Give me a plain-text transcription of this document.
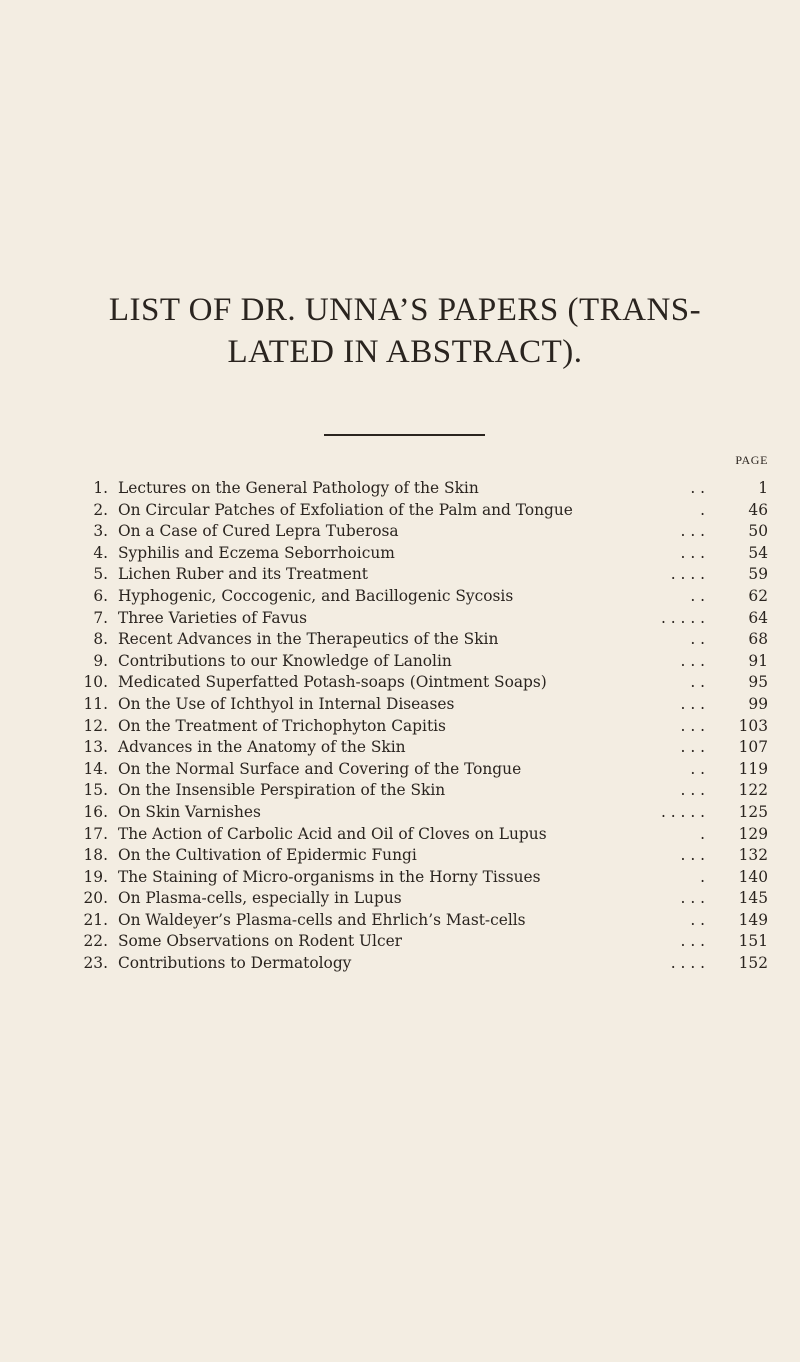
LIST OF DR. UNNA’S PAPERS (TRANS-
LATED IN ABSTRACT).
PAGE
1. Lectures on the General Pathology of the Skin	. .	1
2. On Circular Patches of Exfoliation of the Palm and Tongue	.	46
3. On a Case of Cured Lepra Tuberosa	. . .	50
4. Syphilis and Eczema Seborrhoicum	. . .	54
5. Lichen Ruber and its Treatment	. . . .	59
6. Hyphogenic, Coccogenic, and Bacillogenic Sycosis	. .	62
7. Three Varieties of Favus	. . . . .	64
8. Recent Advances in the Therapeutics of the Skin	. .	68
9. Contributions to our Knowledge of Lanolin	. . .	91
10. Medicated Superfatted Potash-soaps (Ointment Soaps)	. .	95
11. On the Use of Ichthyol in Internal Diseases	. . .	99
12. On the Treatment of Trichophyton Capitis	. . .	103
13. Advances in the Anatomy of the Skin	. . .	107
14. On the Normal Surface and Covering of the Tongue	. .	119
15. On the Insensible Perspiration of the Skin	. . .	122
16. On Skin Varnishes	. . . . .	125
17. The Action of Carbolic Acid and Oil of Cloves on Lupus	.	129
18. On the Cultivation of Epidermic Fungi	. . .	132
19. The Staining of Micro-organisms in the Horny Tissues	.	140
20. On Plasma-cells, especially in Lupus	. . .	145
21. On Waldeyer’s Plasma-cells and Ehrlich’s Mast-cells	. .	149
22. Some Observations on Rodent Ulcer	. . .	151
23. Contributions to Dermatology	. . . .	152
